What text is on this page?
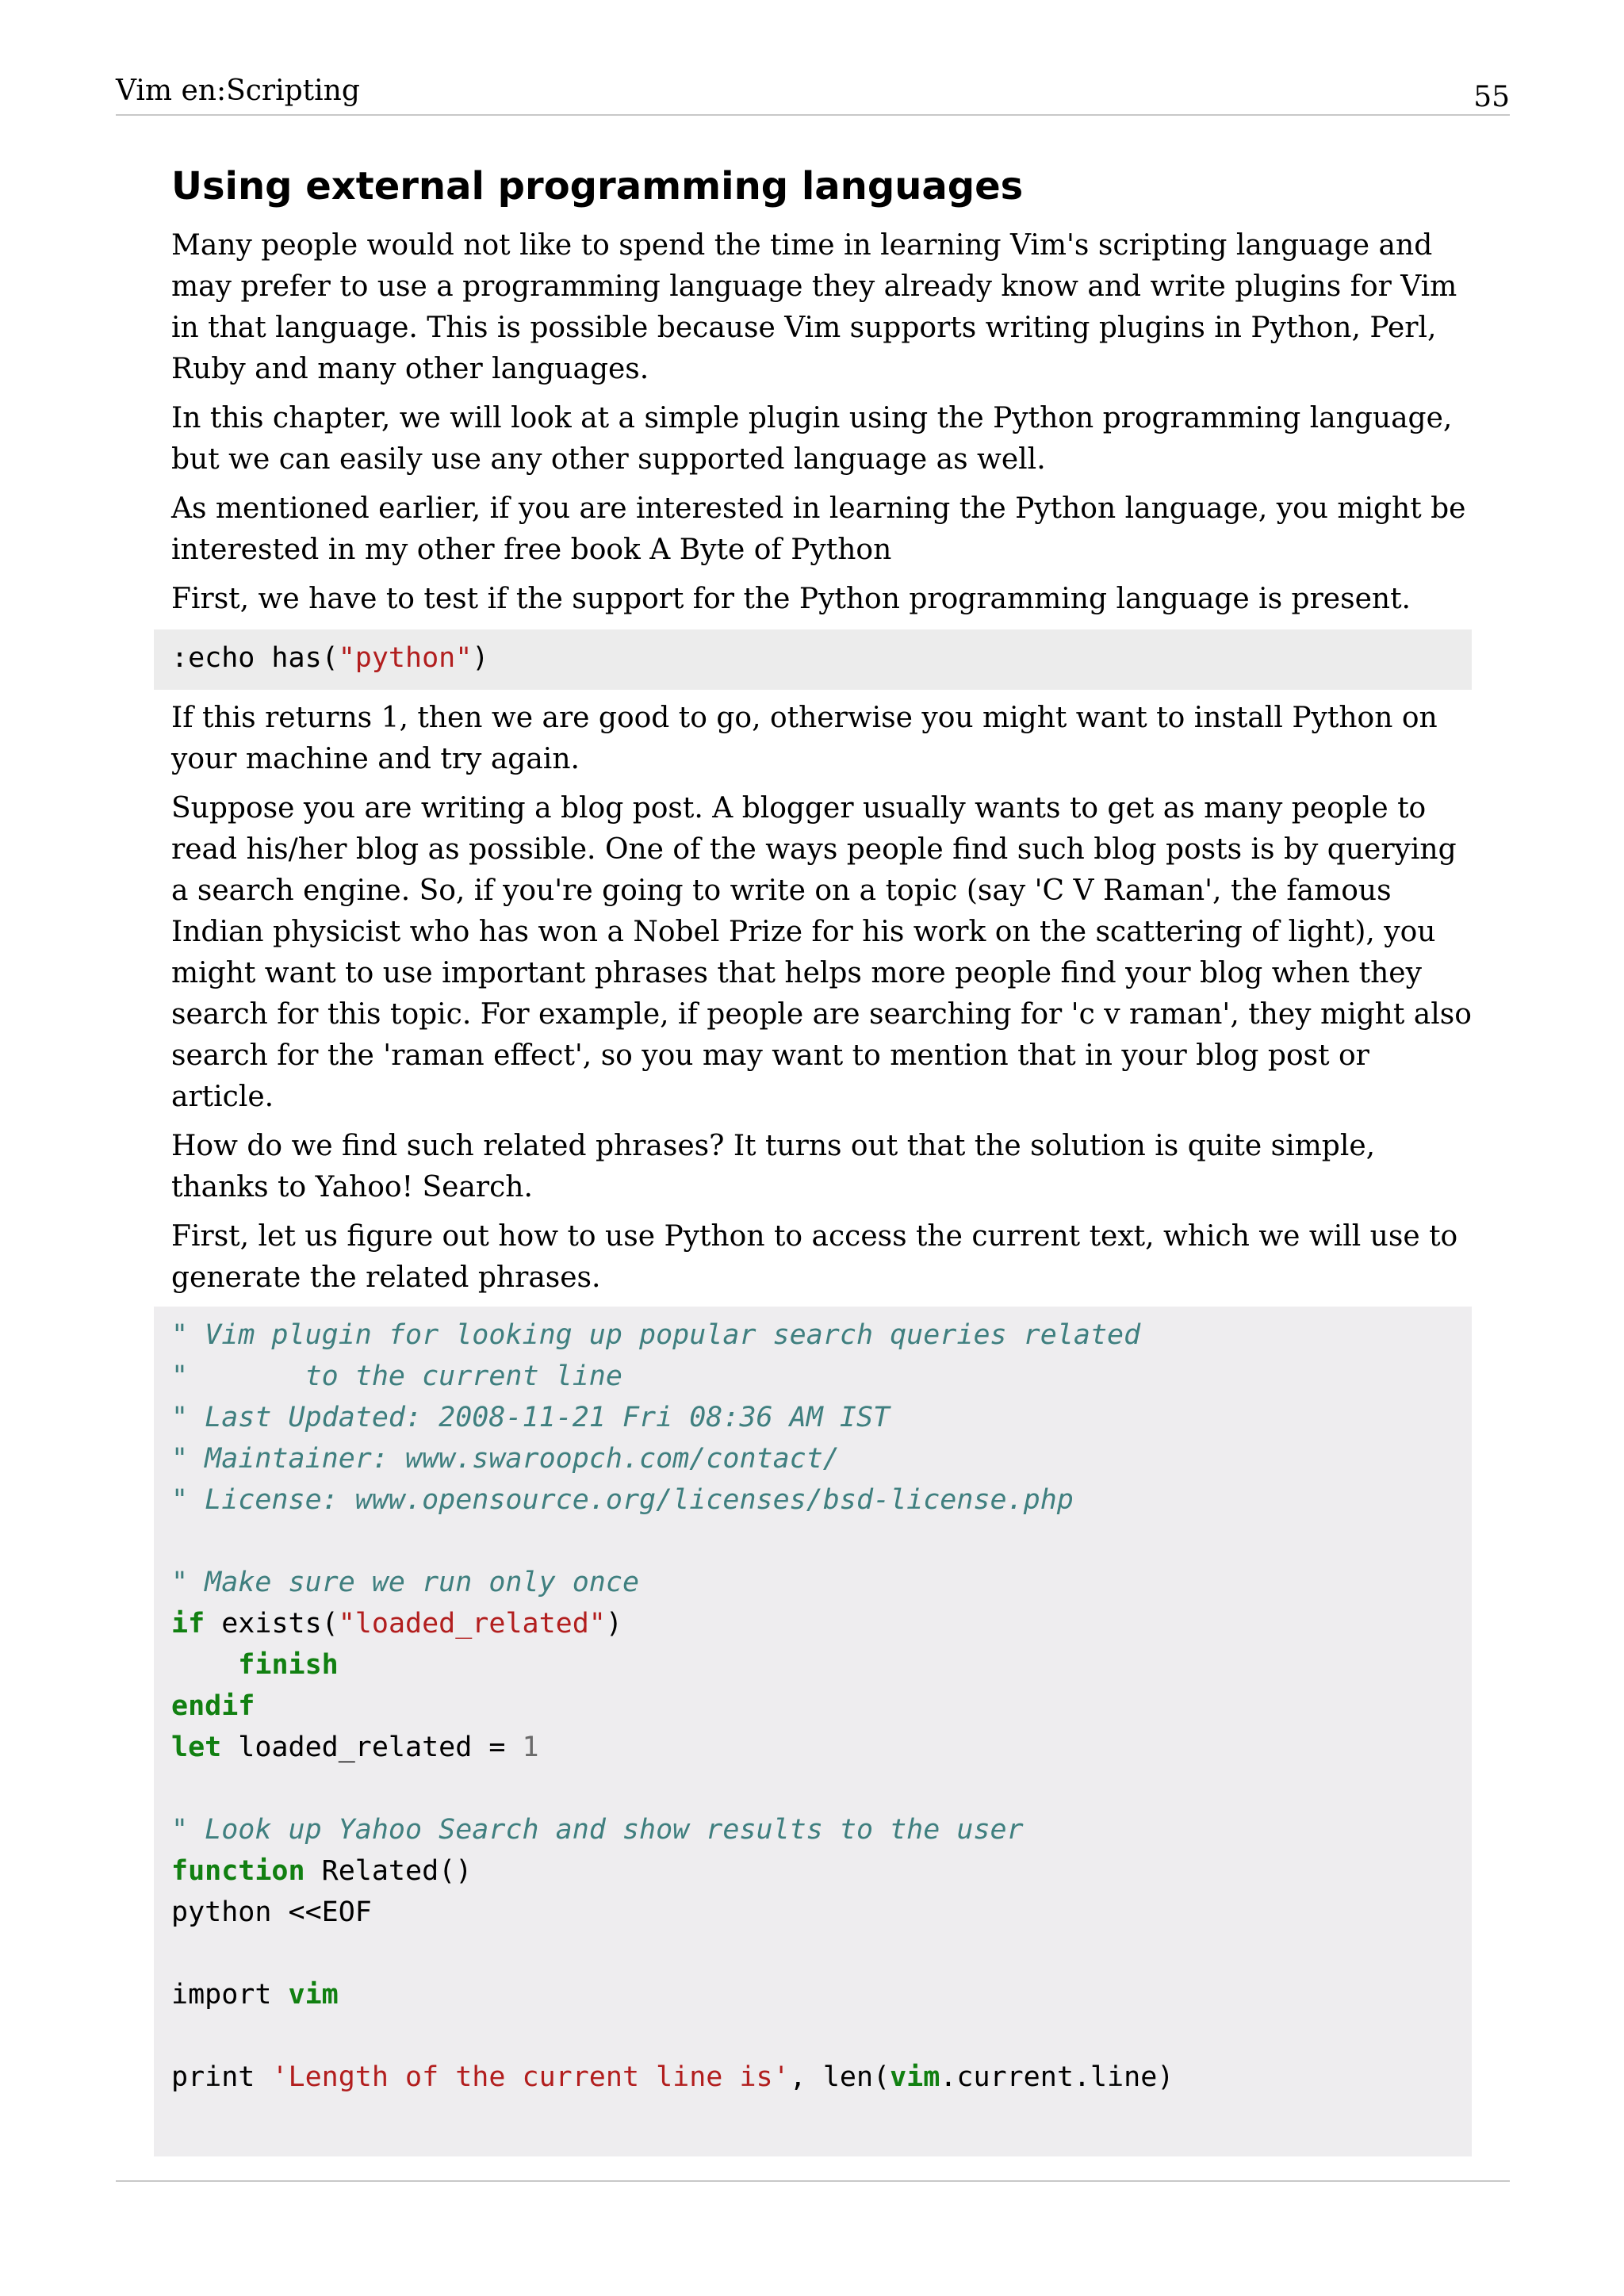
Vim en:Scripting	55
Using external programming languages

Many people would not like to spend the time in learning Vim's scripting language and may prefer to use a programming language they already know and write plugins for Vim in that language. This is possible because Vim supports writing plugins in Python, Perl, Ruby and many other languages.

In this chapter, we will look at a simple plugin using the Python programming language, but we can easily use any other supported language as well.

As mentioned earlier, if you are interested in learning the Python language, you might be interested in my other free book A Byte of Python

First, we have to test if the support for the Python programming language is present.

:echo has("python")

If this returns 1, then we are good to go, otherwise you might want to install Python on your machine and try again.

Suppose you are writing a blog post. A blogger usually wants to get as many people to read his/her blog as possible. One of the ways people find such blog posts is by querying a search engine. So, if you're going to write on a topic (say 'C V Raman', the famous Indian physicist who has won a Nobel Prize for his work on the scattering of light), you might want to use important phrases that helps more people find your blog when they search for this topic. For example, if people are searching for 'c v raman', they might also search for the 'raman effect', so you may want to mention that in your blog post or article.

How do we find such related phrases? It turns out that the solution is quite simple, thanks to Yahoo! Search.

First, let us figure out how to use Python to access the current text, which we will use to generate the related phrases.

" Vim plugin for looking up popular search queries related
"       to the current line
" Last Updated: 2008-11-21 Fri 08:36 AM IST
" Maintainer: www.swaroopch.com/contact/
" License: www.opensource.org/licenses/bsd-license.php
" Make sure we run only once
if exists("loaded_related")
finish
endif
let loaded_related = 1
" Look up Yahoo Search and show results to the user
function Related()
python <<EOF
import vim
print 'Length of the current line is', len(vim.current.line)
